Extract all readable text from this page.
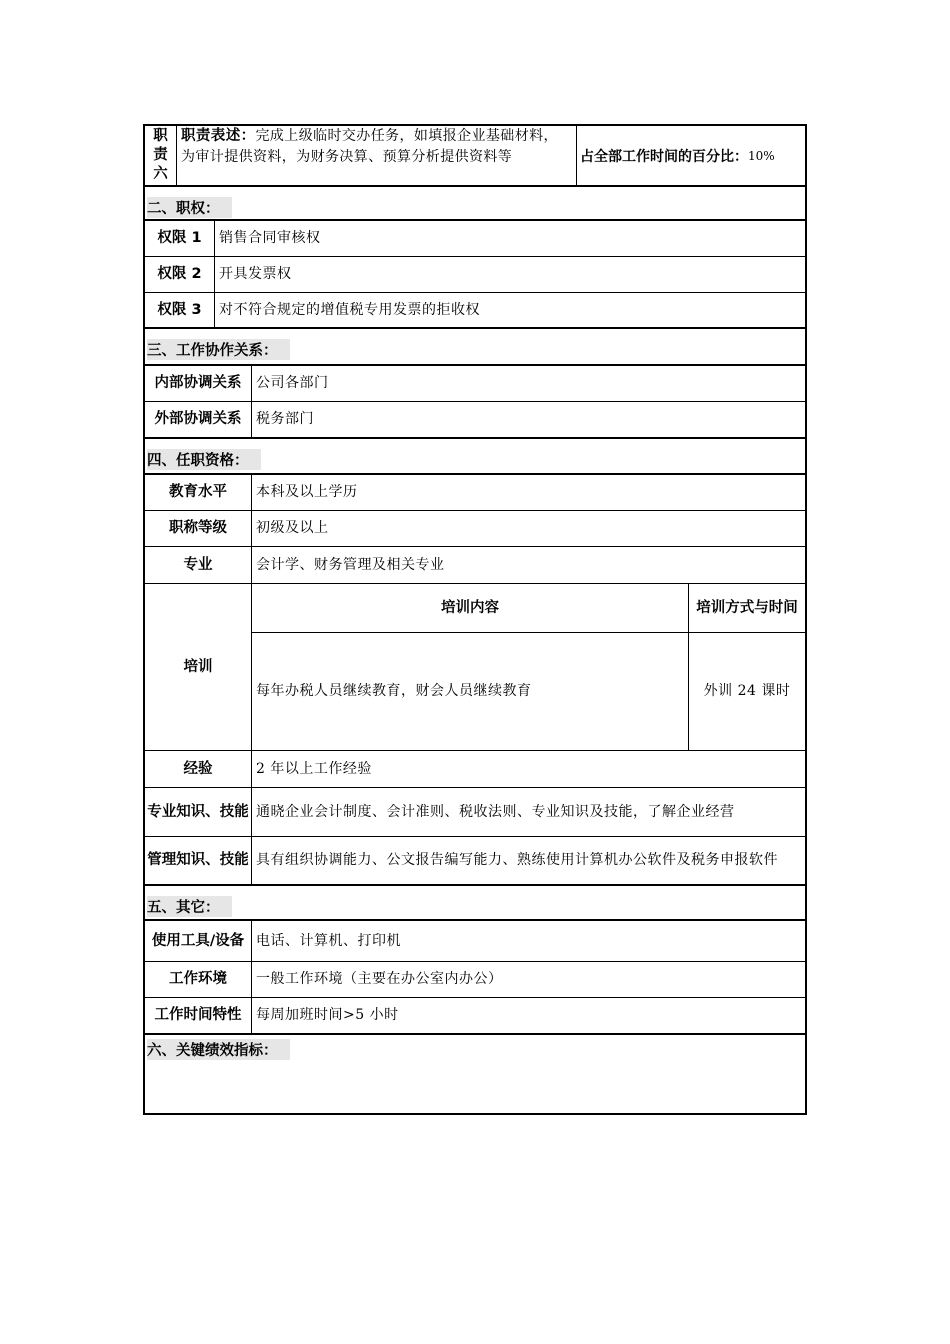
职
责
六
职责表述：完成上级临时交办任务，如填报企业基础材料，为审计提供资料，为财务决算、预算分析提供资料等	占全部工作时间的百分比： 10%
二、职权：
权限 1	销售合同审核权
权限 2	开具发票权
权限 3	对不符合规定的增值税专用发票的拒收权
三、工作协作关系：
内部协调关系	公司各部门
外部协调关系	税务部门
四、任职资格：
教育水平	本科及以上学历
职称等级	初级及以上
专业	会计学、财务管理及相关专业
培训
培训内容	培训方式与时间
每年办税人员继续教育，财会人员继续教育	外训 24 课时
经验	2 年以上工作经验
专业知识、技能 通晓企业会计制度、会计准则、税收法则、专业知识及技能，了解企业经营
管理知识、技能 具有组织协调能力、公文报告编写能力、熟练使用计算机办公软件及税务申报软件
五、其它：
使用工具/设备 电话、计算机、打印机
工作环境	一般工作环境（主要在办公室内办公）
工作时间特性	每周加班时间>5 小时
六、关键绩效指标：
